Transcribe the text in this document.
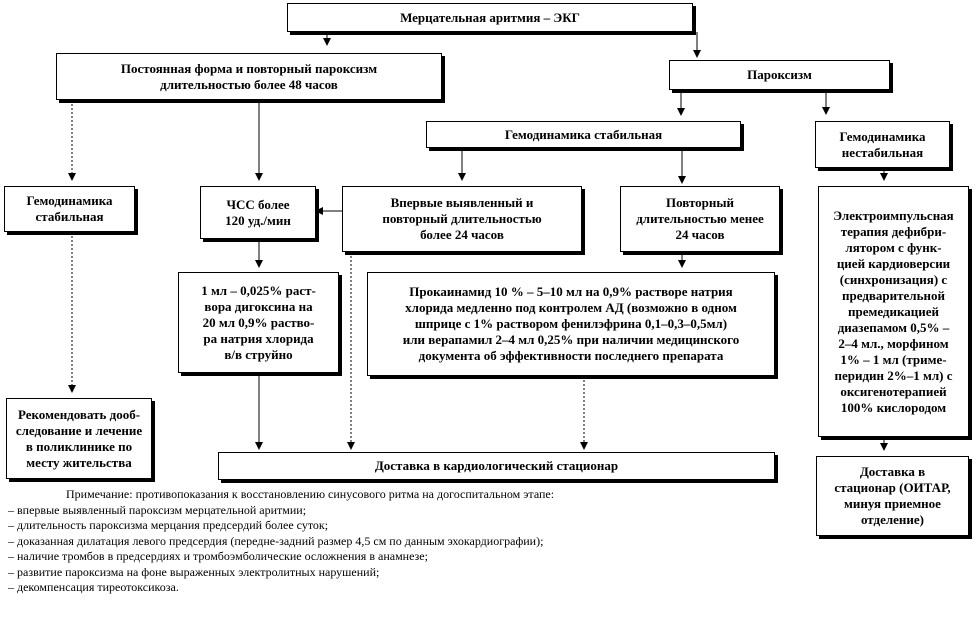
Мерцательная аритмия – ЭКГ
Постоянная форма и повторный пароксизм
длительностью более 48 часов
Пароксизм
Гемодинамика стабильная	Гемодинамика
нестабильная
Гемодинамика
стабильная
ЧСС более
120 уд./мин
Впервые выявленный и
повторный длительностью
более 24 часов
Повторный
длительностью менее
24 часов
1 мл – 0,025% раст-
вора дигоксина на
20 мл 0,9% раство-
ра натрия хлорида
в/в струйно
Прокаинамид 10 % – 5–10 мл на 0,9% растворе натрия
хлорида медленно под контролем АД (возможно в одном
шприце с 1% раствором фенилэфрина 0,1–0,3–0,5мл)
или верапамил 2–4 мл 0,25% при наличии медицинского
документа об эффективности последнего препарата
Электроимпульсная
терапия дефибри-
лятором с функ-
цией кардиоверсии
(синхронизация) с
предварительной
премедикацией
диазепамом 0,5% –
2–4 мл., морфином
1% – 1 мл (триме-
перидин 2%–1 мл) с
оксигенотерапией
100% кислородом
Рекомендовать дооб-
следование и лечение
в поликлинике по
месту жительства	Доставка в кардиологический стационар	Доставка в
стационар (ОИТАР,
минуя приемное
отделение)
Примечание: противопоказания к восстановлению синусового ритма на догоспитальном этапе:
– впервые выявленный пароксизм мерцательной аритмии;
– длительность пароксизма мерцания предсердий более суток;
– доказанная дилатация левого предсердия (передне-задний размер 4,5 см по данным эхокардиографии);
– наличие тромбов в предсердиях и тромбоэмболические осложнения в анамнезе;
– развитие пароксизма на фоне выраженных электролитных нарушений;
– декомпенсация тиреотоксикоза.
